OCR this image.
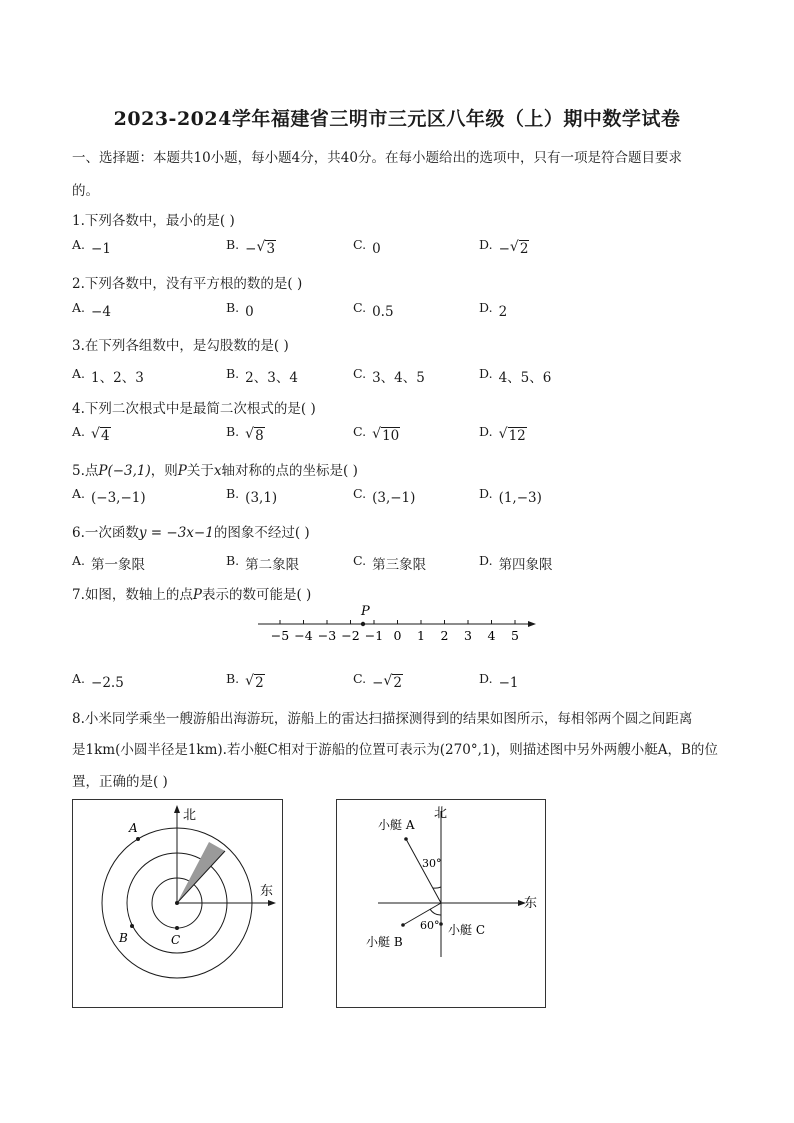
2023-2024学年福建省三明市三元区八年级（上）期中数学试卷
一、选择题：本题共10小题，每小题4分，共40分。在每小题给出的选项中，只有一项是符合题目要求
的。
1.下列各数中，最小的是( )
A. −1	B. − √ 3	C. 0	D. − √ 2
2.下列各数中，没有平方根的数的是( )
A. −4	B. 0	C. 0.5	D. 2
3.在下列各组数中，是勾股数的是( )
A. 1、2、3	B. 2、3、4	C. 3、4、5	D. 4、5、6
4.下列二次根式中是最简二次根式的是( )
A. √ 4	B. √ 8	C. √ 10	D. √ 12
5.点P(−3,1)，则P关于x轴对称的点的坐标是( )
A. (−3,−1)	B. (3,1)	C. (3,−1)	D. (1,−3)
6.一次函数y = −3x−1的图象不经过( )
A. 第一象限	B. 第二象限	C. 第三象限	D. 第四象限
7.如图，数轴上的点P表示的数可能是( )
−5 −4 −3 −2 −1 0 1 2 3 4 5
P
A. −2.5	B. √ 2	C. − √ 2	D. −1
8.小米同学乘坐一艘游船出海游玩，游船上的雷达扫描探测得到的结果如图所示，每相邻两个圆之间距离
是1km(小圆半径是1km).若小艇C相对于游船的位置可表示为(270°,1)，则描述图中另外两艘小艇A，B的位
置，正确的是( )
北
东
A
B	C
北
东
小艇 A
小艇 B
小艇 C
30°
60°
